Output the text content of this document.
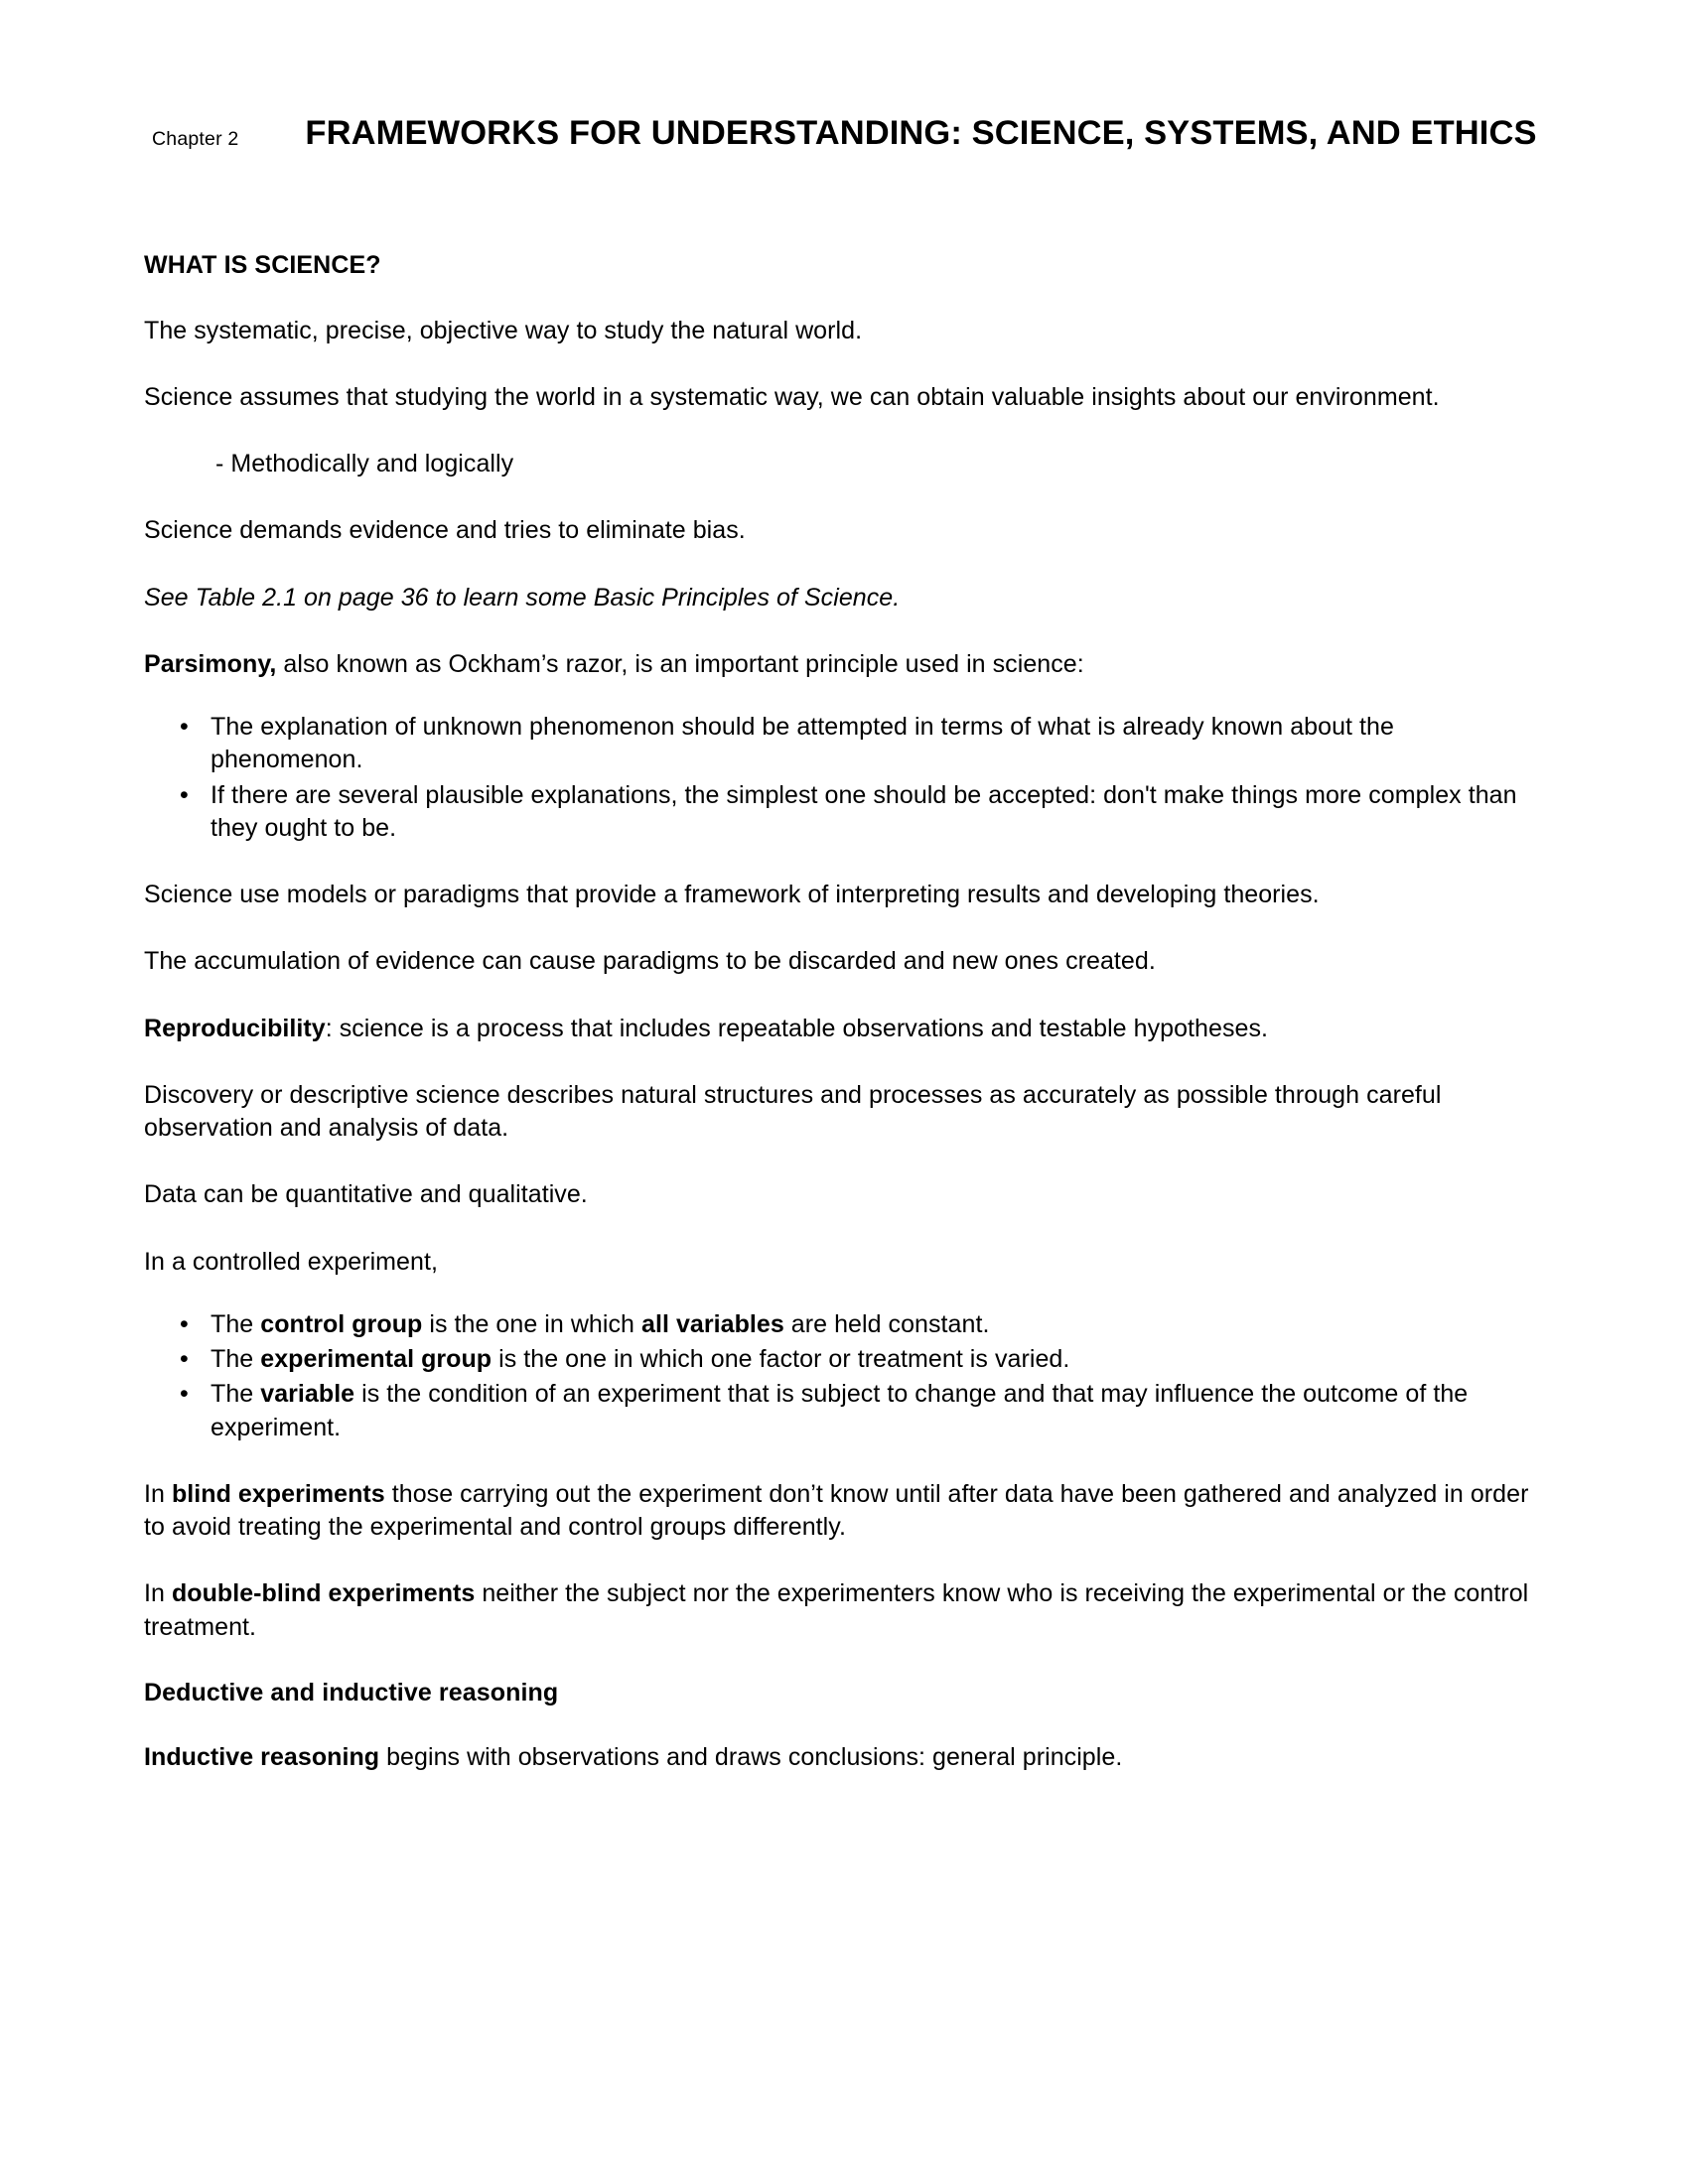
Chapter 2	FRAMEWORKS FOR UNDERSTANDING: SCIENCE, SYSTEMS, AND ETHICS
WHAT IS SCIENCE?

The systematic, precise, objective way to study the natural world.

Science assumes that studying the world in a systematic way, we can obtain valuable insights about our environment.

- Methodically and logically

Science demands evidence and tries to eliminate bias.

See Table 2.1 on page 36 to learn some Basic Principles of Science.

Parsimony, also known as Ockham’s razor, is an important principle used in science:

• The explanation of unknown phenomenon should be attempted in terms of what is already known about the phenomenon.
• If there are several plausible explanations, the simplest one should be accepted: don't make things more complex than they ought to be.

Science use models or paradigms that provide a framework of interpreting results and developing theories.

The accumulation of evidence can cause paradigms to be discarded and new ones created.

Reproducibility: science is a process that includes repeatable observations and testable hypotheses.

Discovery or descriptive science describes natural structures and processes as accurately as possible through careful observation and analysis of data.

Data can be quantitative and qualitative.

In a controlled experiment,

• The control group is the one in which all variables are held constant.
• The experimental group is the one in which one factor or treatment is varied.
• The variable is the condition of an experiment that is subject to change and that may influence the outcome of the experiment.

In blind experiments those carrying out the experiment don’t know until after data have been gathered and analyzed in order to avoid treating the experimental and control groups differently.

In double-blind experiments neither the subject nor the experimenters know who is receiving the experimental or the control treatment.

Deductive and inductive reasoning

Inductive reasoning begins with observations and draws conclusions: general principle.
